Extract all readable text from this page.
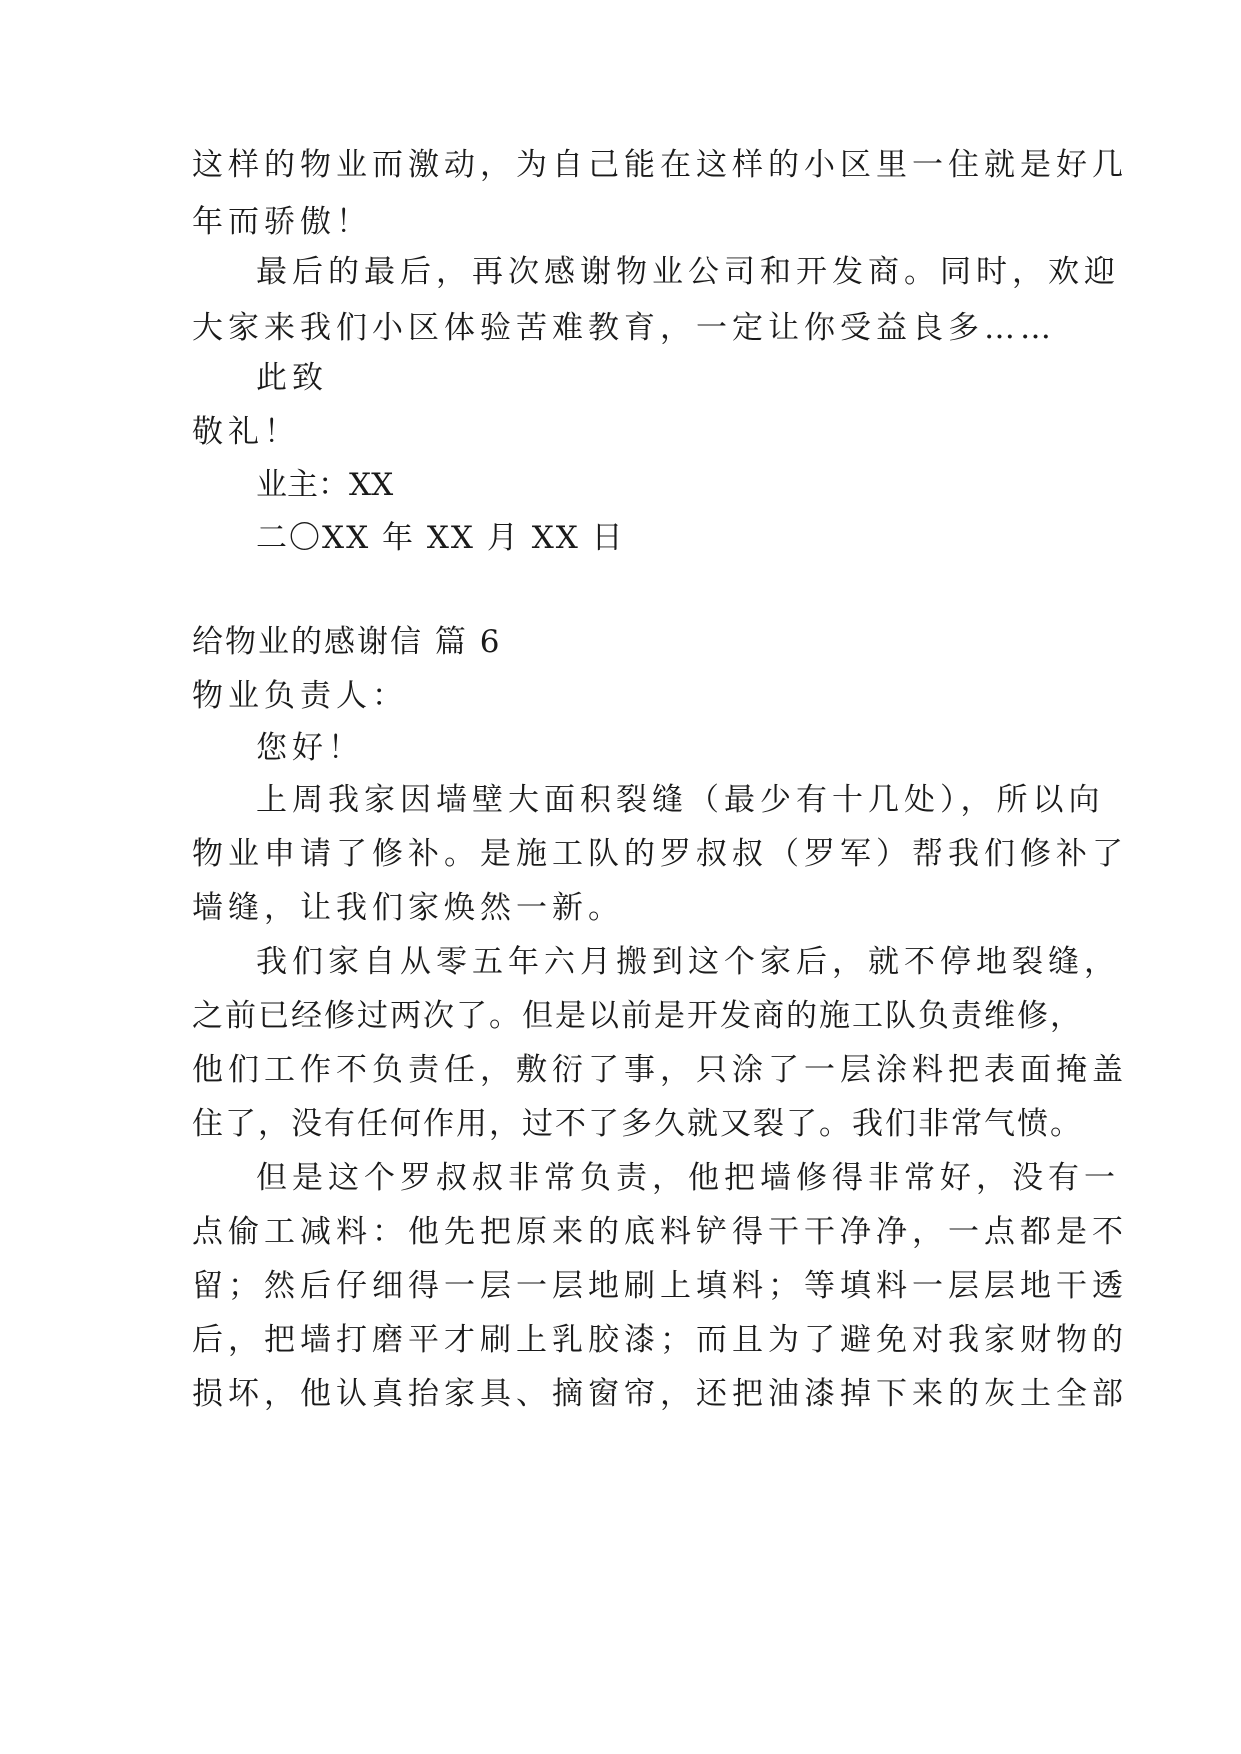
这样的物业而激动，为自己能在这样的小区里一住就是好几
年而骄傲！
最后的最后，再次感谢物业公司和开发商。同时，欢迎
大家来我们小区体验苦难教育，一定让你受益良多……
此致
敬礼！
业主：XX
二〇XX 年 XX 月 XX 日
给物业的感谢信 篇 6
物业负责人：
您好！
上周我家因墙壁大面积裂缝（最少有十几处），所以向
物业申请了修补。是施工队的罗叔叔（罗军）帮我们修补了
墙缝，让我们家焕然一新。
我们家自从零五年六月搬到这个家后，就不停地裂缝，
之前已经修过两次了。但是以前是开发商的施工队负责维修，
他们工作不负责任，敷衍了事，只涂了一层涂料把表面掩盖
住了，没有任何作用，过不了多久就又裂了。我们非常气愤。
但是这个罗叔叔非常负责，他把墙修得非常好，没有一
点偷工减料：他先把原来的底料铲得干干净净，一点都是不
留；然后仔细得一层一层地刷上填料；等填料一层层地干透
后，把墙打磨平才刷上乳胶漆；而且为了避免对我家财物的
损坏，他认真抬家具、摘窗帘，还把油漆掉下来的灰土全部
